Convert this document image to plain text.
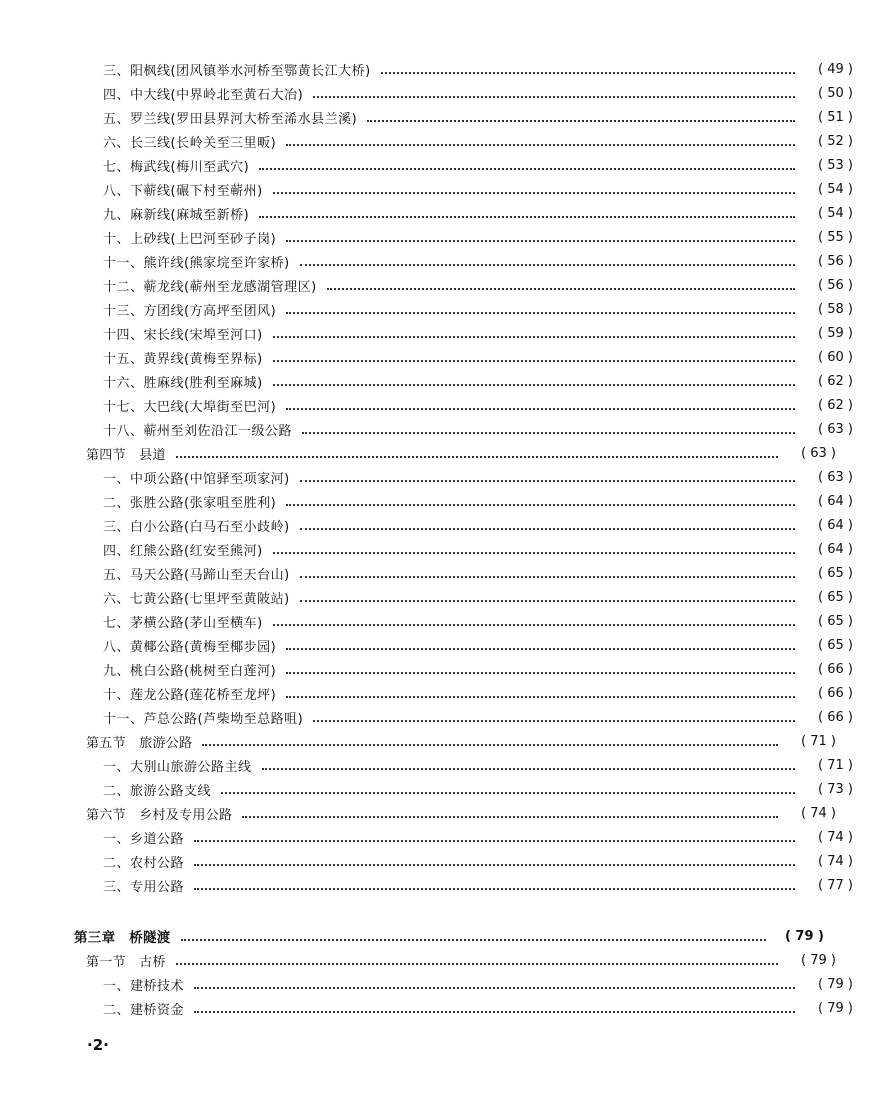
三、阳枫线(团风镇举水河桥至鄂黄长江大桥)	( 49 )
四、中大线(中界岭北至黄石大冶)	( 50 )
五、罗兰线(罗田县界河大桥至浠水县兰溪)	( 51 )
六、长三线(长岭关至三里畈)	( 52 )
七、梅武线(梅川至武穴)	( 53 )
八、下蕲线(碾下村至蕲州)	( 54 )
九、麻新线(麻城至新桥)	( 54 )
十、上砂线(上巴河至砂子岗)	( 55 )
十一、熊许线(熊家垸至许家桥)	( 56 )
十二、蕲龙线(蕲州至龙感湖管理区)	( 56 )
十三、方团线(方高坪至团风)	( 58 )
十四、宋长线(宋埠至河口)	( 59 )
十五、黄界线(黄梅至界标)	( 60 )
十六、胜麻线(胜利至麻城)	( 62 )
十七、大巴线(大埠街至巴河)	( 62 )
十八、蕲州至刘佐沿江一级公路	( 63 )
第四节　县道	( 63 )
一、中项公路(中馆驿至项家河)	( 63 )
二、张胜公路(张家咀至胜利)	( 64 )
三、白小公路(白马石至小歧岭)	( 64 )
四、红熊公路(红安至熊河)	( 64 )
五、马天公路(马蹄山至天台山)	( 65 )
六、七黄公路(七里坪至黄陂站)	( 65 )
七、茅横公路(茅山至横车)	( 65 )
八、黄椰公路(黄梅至椰步园)	( 65 )
九、桃白公路(桃树至白莲河)	( 66 )
十、莲龙公路(莲花桥至龙坪)	( 66 )
十一、芦总公路(芦柴坳至总路咀)	( 66 )
第五节　旅游公路	( 71 )
一、大别山旅游公路主线	( 71 )
二、旅游公路支线	( 73 )
第六节　乡村及专用公路	( 74 )
一、乡道公路	( 74 )
二、农村公路	( 74 )
三、专用公路	( 77 )
第三章　桥隧渡	( 79 )
第一节　古桥	( 79 )
一、建桥技术	( 79 )
二、建桥资金	( 79 )
·2·
